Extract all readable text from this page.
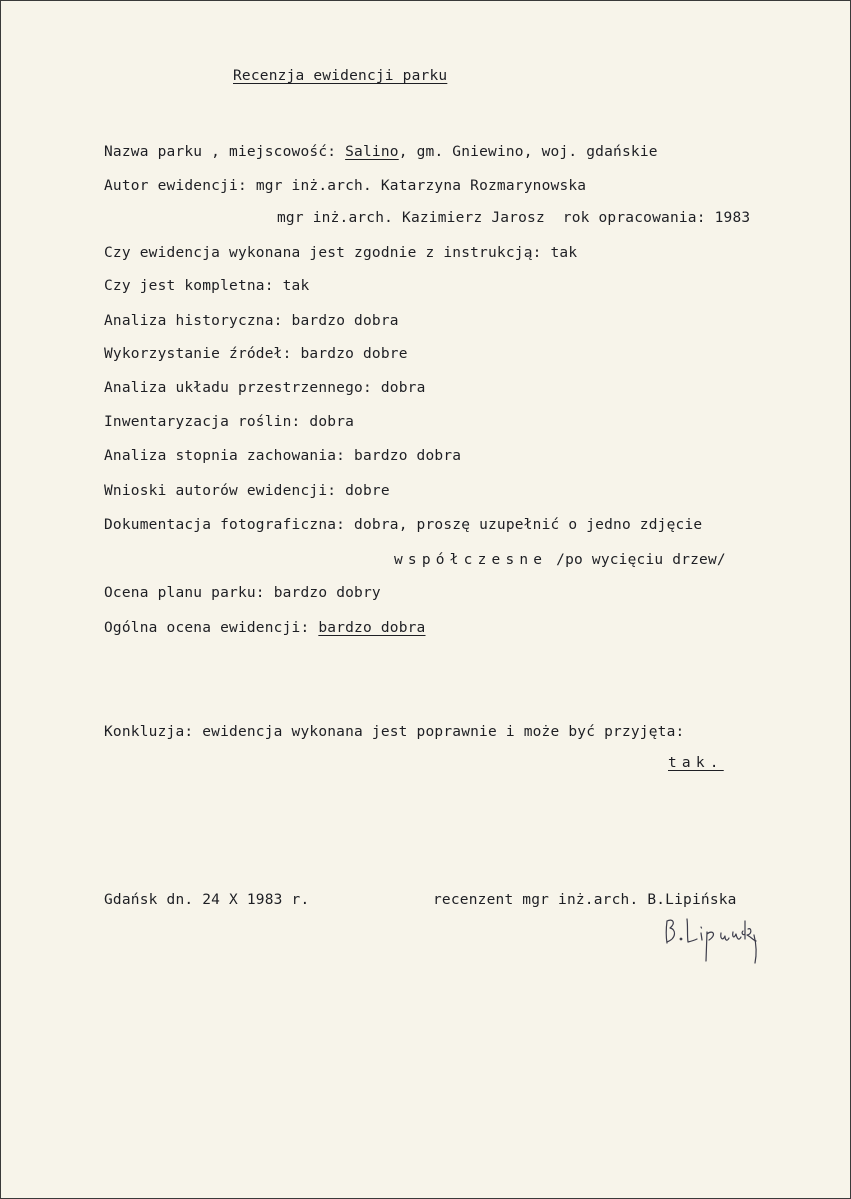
Recenzja ewidencji parku
Nazwa parku , miejscowość: Salino, gm. Gniewino, woj. gdańskie
Autor ewidencji: mgr inż.arch. Katarzyna Rozmarynowska
mgr inż.arch. Kazimierz Jarosz rok opracowania: 1983
Czy ewidencja wykonana jest zgodnie z instrukcją: tak
Czy jest kompletna: tak
Analiza historyczna: bardzo dobra
Wykorzystanie źródeł: bardzo dobre
Analiza układu przestrzennego: dobra
Inwentaryzacja roślin: dobra
Analiza stopnia zachowania: bardzo dobra
Wnioski autorów ewidencji: dobre
Dokumentacja fotograficzna: dobra, proszę uzupełnić o jedno zdjęcie
współczesne /po wycięciu drzew/
Ocena planu parku: bardzo dobry
Ogólna ocena ewidencji: bardzo dobra
Konkluzja: ewidencja wykonana jest poprawnie i może być przyjęta:
tak.
Gdańsk dn. 24 X 1983 r.	recenzent mgr inż.arch. B.Lipińska
